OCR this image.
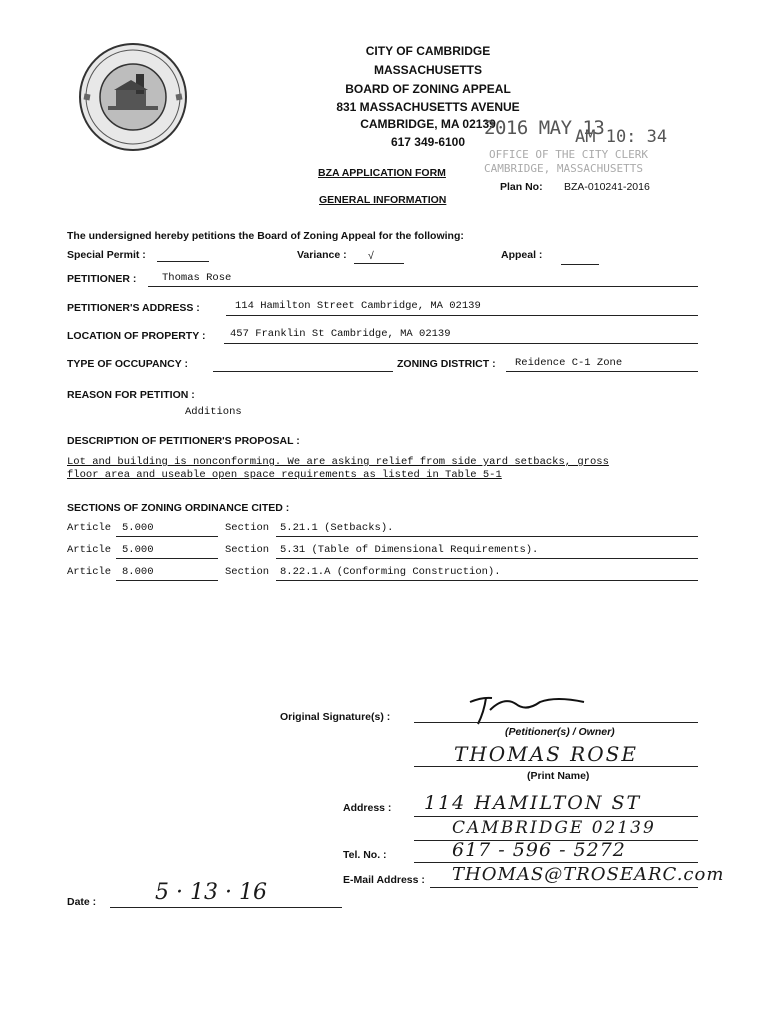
CITY OF CAMBRIDGE
MASSACHUSETTS
BOARD OF ZONING APPEAL
831 MASSACHUSETTS AVENUE
CAMBRIDGE, MA 02139
617 349-6100
2016 MAY 13
AM 10: 34
OFFICE OF THE CITY CLERK
CAMBRIDGE, MASSACHUSETTS
BZA APPLICATION FORM
Plan No: BZA-010241-2016
GENERAL INFORMATION
The undersigned hereby petitions the Board of Zoning Appeal for the following:
Special Permit :	Variance : √	Appeal :
PETITIONER : Thomas Rose
PETITIONER'S ADDRESS :	114 Hamilton Street Cambridge, MA 02139
LOCATION OF PROPERTY : 457 Franklin St Cambridge, MA 02139
TYPE OF OCCUPANCY :	ZONING DISTRICT : Reidence C-1 Zone
REASON FOR PETITION :
Additions
DESCRIPTION OF PETITIONER'S PROPOSAL :
Lot and building is nonconforming. We are asking relief from side yard setbacks, gross
floor area and useable open space requirements as listed in Table 5-1
SECTIONS OF ZONING ORDINANCE CITED :
Article 5.000	Section 5.21.1 (Setbacks).
Article 5.000	Section 5.31 (Table of Dimensional Requirements).
Article 8.000	Section 8.22.1.A (Conforming Construction).
Original Signature(s) :
(Petitioner(s) / Owner)
THOMAS ROSE
(Print Name)
Address : 114 HAMILTON ST
CAMBRIDGE 02139
Tel. No. :	617 - 596 - 5272
E-Mail Address : THOMAS@TROSEARC.com
Date :	5 · 13 · 16
